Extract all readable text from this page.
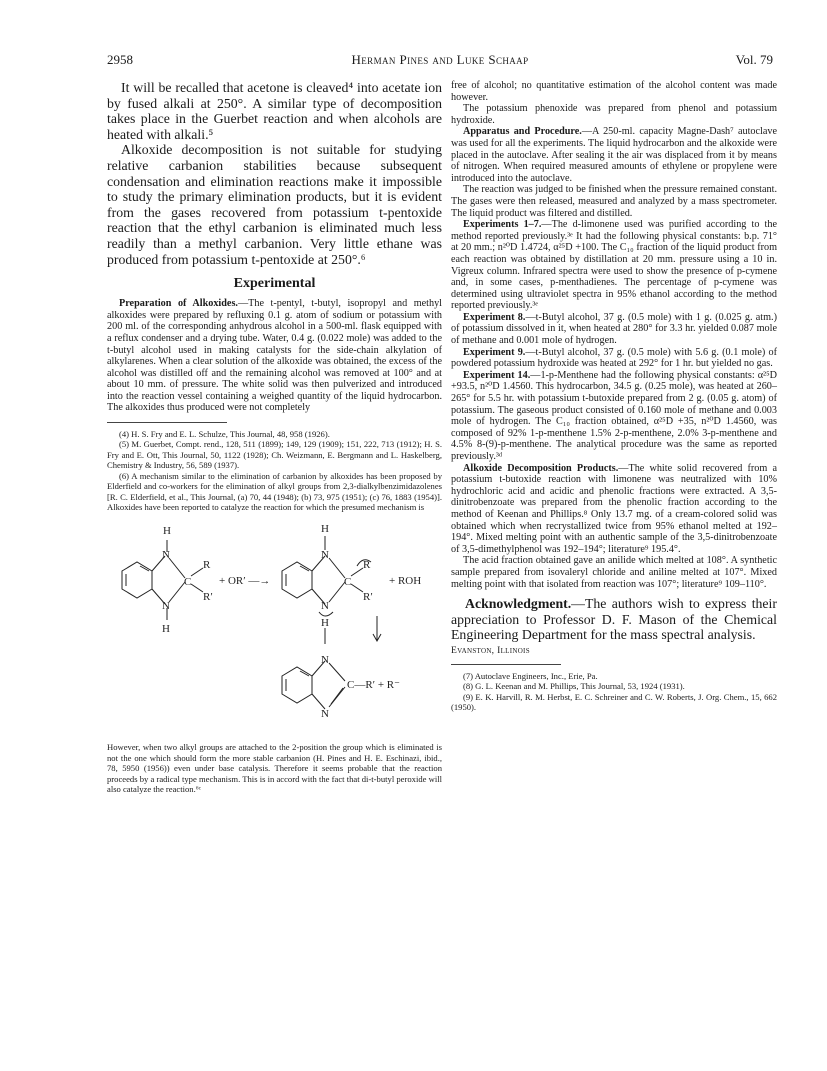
2958	Herman Pines and Luke Schaap	Vol. 79

It will be recalled that acetone is cleaved⁴ into acetate ion by fused alkali at 250°. A similar type of decomposition takes place in the Guerbet reaction and when alcohols are heated with alkali.⁵

Alkoxide decomposition is not suitable for studying relative carbanion stabilities because subsequent condensation and elimination reactions make it impossible to study the primary elimination products, but it is evident from the gases recovered from potassium t-pentoxide reaction that the ethyl carbanion is eliminated much less readily than a methyl carbanion. Very little ethane was produced from potassium t-pentoxide at 250°.⁶

Experimental

Preparation of Alkoxides.—The t-pentyl, t-butyl, isopropyl and methyl alkoxides were prepared by refluxing 0.1 g. atom of sodium or potassium with 200 ml. of the corresponding anhydrous alcohol in a 500-ml. flask equipped with a reflux condenser and a drying tube. Water, 0.4 g. (0.022 mole) was added to the t-butyl alcohol used in making catalysts for the side-chain alkylation of alkylarenes. When a clear solution of the alkoxide was obtained, the excess of the alcohol was distilled off and the remaining alcohol was removed at 100° and at about 10 mm. of pressure. The white solid was then pulverized and introduced into the reaction vessel containing a weighed quantity of the liquid hydrocarbon. The alkoxides thus produced were not completely

(4) H. S. Fry and E. L. Schulze, This Journal, 48, 958 (1926).

(5) M. Guerbet, Compt. rend., 128, 511 (1899); 149, 129 (1909); 151, 222, 713 (1912); H. S. Fry and E. Ott, This Journal, 50, 1122 (1928); Ch. Weizmann, E. Bergmann and L. Haskelberg, Chemistry & Industry, 56, 589 (1937).

(6) A mechanism similar to the elimination of carbanion by alkoxides has been proposed by Elderfield and co-workers for the elimination of alkyl groups from 2,3-dialkylbenzimidazolenes [R. C. Elderfield, et al., This Journal, (a) 70, 44 (1948); (b) 73, 975 (1951); (c) 76, 1883 (1954)]. Alkoxides have been reported to catalyze the reaction for which the presumed mechanism is

H	H
N
N
C
R
R′
H
+ OR′ —→
N
N
C
R
R′
+ ROH
H
N
N
C—R′ + R⁻

However, when two alkyl groups are attached to the 2-position the group which is eliminated is not the one which should form the more stable carbanion (H. Pines and H. E. Eschinazi, ibid., 78, 5950 (1956)) even under base catalysis. Therefore it seems probable that the reaction proceeds by a radical type mechanism. This is in accord with the fact that di-t-butyl peroxide will also catalyze the reaction.⁶ᶜ

free of alcohol; no quantitative estimation of the alcohol content was made however.

The potassium phenoxide was prepared from phenol and potassium hydroxide.

Apparatus and Procedure.—A 250-ml. capacity Magne-Dash⁷ autoclave was used for all the experiments. The liquid hydrocarbon and the alkoxide were placed in the autoclave. After sealing it the air was displaced from it by means of nitrogen. When required measured amounts of ethylene or propylene were introduced into the autoclave.

The reaction was judged to be finished when the pressure remained constant. The gases were then released, measured and analyzed by a mass spectrometer. The liquid product was filtered and distilled.

Experiments 1–7.—The d-limonene used was purified according to the method reported previously.³ᵉ It had the following physical constants: b.p. 71° at 20 mm.; n²⁰D 1.4724, α²⁵D +100. The C₁₀ fraction of the liquid product from each reaction was obtained by distillation at 20 mm. pressure using a 10 in. Vigreux column. Infrared spectra were used to show the presence of p-cymene and, in some cases, p-menthadienes. The percentage of p-cymene was determined using ultraviolet spectra in 95% ethanol according to the method reported previously.³ᵉ

Experiment 8.—t-Butyl alcohol, 37 g. (0.5 mole) with 1 g. (0.025 g. atm.) of potassium dissolved in it, when heated at 280° for 3.3 hr. yielded 0.087 mole of methane and 0.001 mole of hydrogen.

Experiment 9.—t-Butyl alcohol, 37 g. (0.5 mole) with 5.6 g. (0.1 mole) of powdered potassium hydroxide was heated at 292° for 1 hr. but yielded no gas.

Experiment 14.—1-p-Menthene had the following physical constants: α²⁵D +93.5, n²⁰D 1.4560. This hydrocarbon, 34.5 g. (0.25 mole), was heated at 260–265° for 5.5 hr. with potassium t-butoxide prepared from 2 g. (0.05 g. atom) of potassium. The gaseous product consisted of 0.160 mole of methane and 0.003 mole of hydrogen. The C₁₀ fraction obtained, α²⁵D +35, n²⁰D 1.4560, was composed of 92% 1-p-menthene 1.5% 2-p-menthene, 2.0% 3-p-menthene and 4.5% 8-(9)-p-menthene. The analytical procedure was the same as reported previously.³ᵈ

Alkoxide Decomposition Products.—The white solid recovered from a potassium t-butoxide reaction with limonene was neutralized with 10% hydrochloric acid and acidic and phenolic fractions were extracted. A 3,5-dinitrobenzoate was prepared from the phenolic fraction according to the method of Keenan and Phillips.⁸ Only 13.7 mg. of a cream-colored solid was obtained which when recrystallized twice from 95% ethanol melted at 192–194°. Mixed melting point with an authentic sample of the 3,5-dinitrobenzoate of 3,5-dimethylphenol was 192–194°; literature⁹ 195.4°.

The acid fraction obtained gave an anilide which melted at 108°. A synthetic sample prepared from isovaleryl chloride and aniline melted at 107°. Mixed melting point with that isolated from reaction was 107°; literature⁹ 109–110°.

Acknowledgment.—The authors wish to express their appreciation to Professor D. F. Mason of the Chemical Engineering Department for the mass spectral analysis.
Evanston, Illinois

(7) Autoclave Engineers, Inc., Erie, Pa.

(8) G. L. Keenan and M. Phillips, This Journal, 53, 1924 (1931).

(9) E. K. Harvill, R. M. Herbst, E. C. Schreiner and C. W. Roberts, J. Org. Chem., 15, 662 (1950).
